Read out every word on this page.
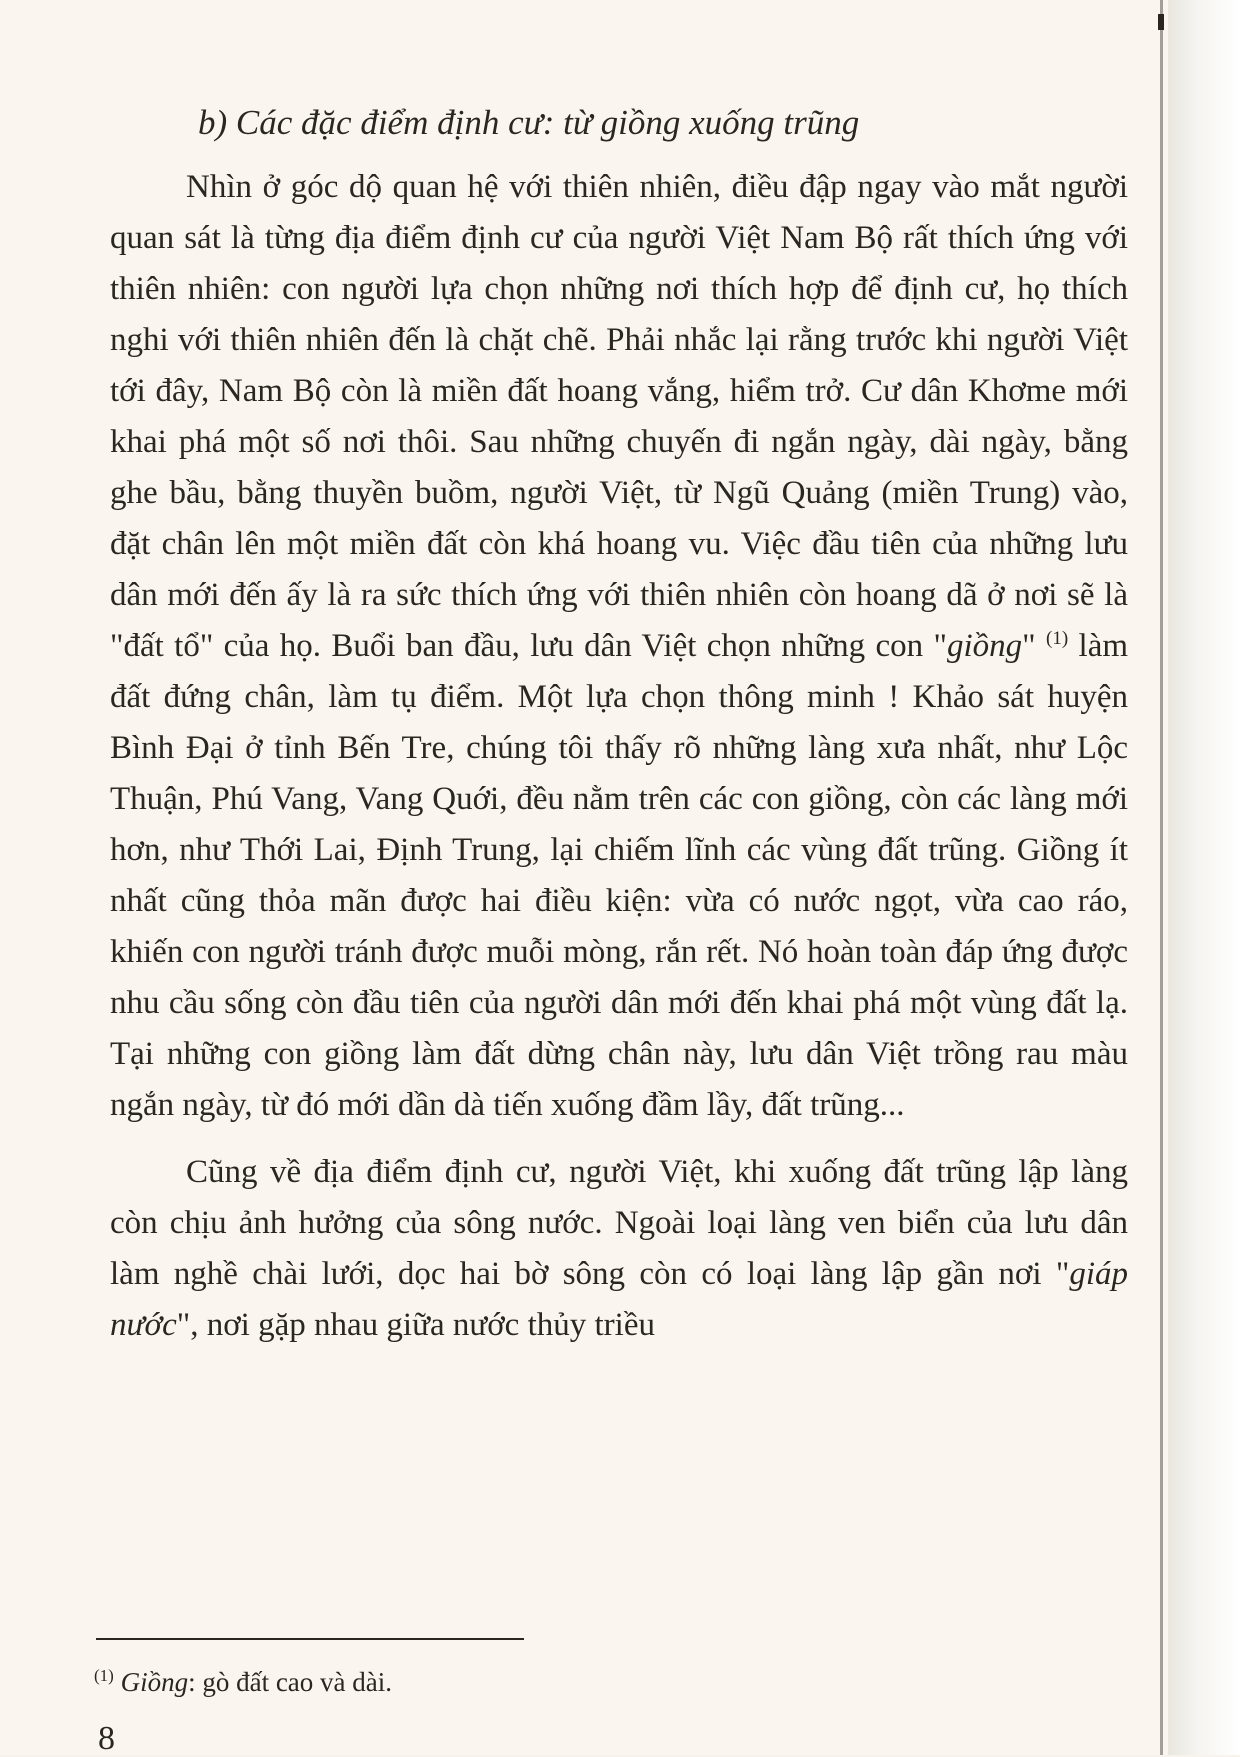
b) Các đặc điểm định cư: từ giồng xuống trũng

Nhìn ở góc dộ quan hệ với thiên nhiên, điều đập ngay vào mắt người quan sát là từng địa điểm định cư của người Việt Nam Bộ rất thích ứng với thiên nhiên: con người lựa chọn những nơi thích hợp để định cư, họ thích nghi với thiên nhiên đến là chặt chẽ. Phải nhắc lại rằng trước khi người Việt tới đây, Nam Bộ còn là miền đất hoang vắng, hiểm trở. Cư dân Khơme mới khai phá một số nơi thôi. Sau những chuyến đi ngắn ngày, dài ngày, bằng ghe bầu, bằng thuyền buồm, người Việt, từ Ngũ Quảng (miền Trung) vào, đặt chân lên một miền đất còn khá hoang vu. Việc đầu tiên của những lưu dân mới đến ấy là ra sức thích ứng với thiên nhiên còn hoang dã ở nơi sẽ là "đất tổ" của họ. Buổi ban đầu, lưu dân Việt chọn những con "giồng" $^{(1)}$ làm đất đứng chân, làm tụ điểm. Một lựa chọn thông minh ! Khảo sát huyện Bình Đại ở tỉnh Bến Tre, chúng tôi thấy rõ những làng xưa nhất, như Lộc Thuận, Phú Vang, Vang Quới, đều nằm trên các con giồng, còn các làng mới hơn, như Thới Lai, Định Trung, lại chiếm lĩnh các vùng đất trũng. Giồng ít nhất cũng thỏa mãn được hai điều kiện: vừa có nước ngọt, vừa cao ráo, khiến con người tránh được muỗi mòng, rắn rết. Nó hoàn toàn đáp ứng được nhu cầu sống còn đầu tiên của người dân mới đến khai phá một vùng đất lạ. Tại những con giồng làm đất dừng chân này, lưu dân Việt trồng rau màu ngắn ngày, từ đó mới dần dà tiến xuống đầm lầy, đất trũng...

Cũng về địa điểm định cư, người Việt, khi xuống đất trũng lập làng còn chịu ảnh hưởng của sông nước. Ngoài loại làng ven biển của lưu dân làm nghề chài lưới, dọc hai bờ sông còn có loại làng lập gần nơi "giáp nước", nơi gặp nhau giữa nước thủy triều

$^{(1)}$ Giồng: gò đất cao và dài.
8
